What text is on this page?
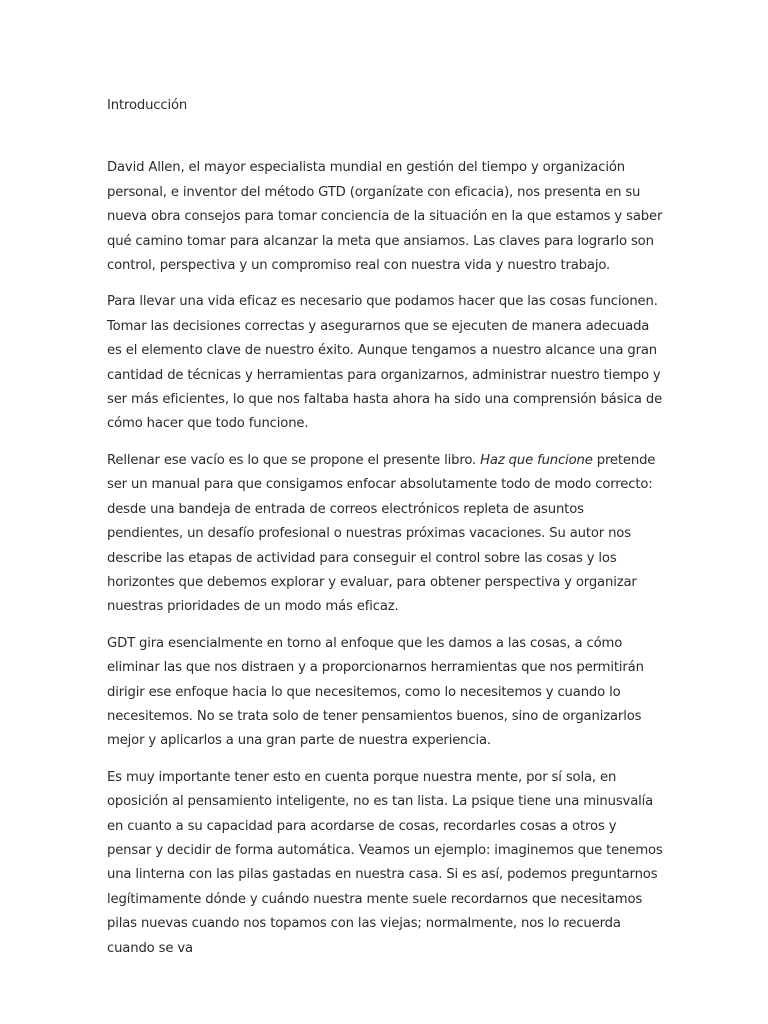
Introducción

David Allen, el mayor especialista mundial en gestión del tiempo y organización personal, e inventor del método GTD (organízate con eficacia), nos presenta en su nueva obra consejos para tomar conciencia de la situación en la que estamos y saber qué camino tomar para alcanzar la meta que ansiamos. Las claves para lograrlo son control, perspectiva y un compromiso real con nuestra vida y nuestro trabajo.

Para llevar una vida eficaz es necesario que podamos hacer que las cosas funcionen. Tomar las decisiones correctas y asegurarnos que se ejecuten de manera adecuada es el elemento clave de nuestro éxito. Aunque tengamos a nuestro alcance una gran cantidad de técnicas y herramientas para organizarnos, administrar nuestro tiempo y ser más eficientes, lo que nos faltaba hasta ahora ha sido una comprensión básica de cómo hacer que todo funcione.

Rellenar ese vacío es lo que se propone el presente libro. Haz que funcione pretende ser un manual para que consigamos enfocar absolutamente todo de modo correcto: desde una bandeja de entrada de correos electrónicos repleta de asuntos pendientes, un desafío profesional o nuestras próximas vacaciones. Su autor nos describe las etapas de actividad para conseguir el control sobre las cosas y los horizontes que debemos explorar y evaluar, para obtener perspectiva y organizar nuestras prioridades de un modo más eficaz.

GDT gira esencialmente en torno al enfoque que les damos a las cosas, a cómo eliminar las que nos distraen y a proporcionarnos herramientas que nos permitirán dirigir ese enfoque hacia lo que necesitemos, como lo necesitemos y cuando lo necesitemos. No se trata solo de tener pensamientos buenos, sino de organizarlos mejor y aplicarlos a una gran parte de nuestra experiencia.

Es muy importante tener esto en cuenta porque nuestra mente, por sí sola, en oposición al pensamiento inteligente, no es tan lista. La psique tiene una minusvalía en cuanto a su capacidad para acordarse de cosas, recordarles cosas a otros y pensar y decidir de forma automática. Veamos un ejemplo: imaginemos que tenemos una linterna con las pilas gastadas en nuestra casa. Si es así, podemos preguntarnos legítimamente dónde y cuándo nuestra mente suele recordarnos que necesitamos pilas nuevas cuando nos topamos con las viejas; normalmente, nos lo recuerda cuando se va
